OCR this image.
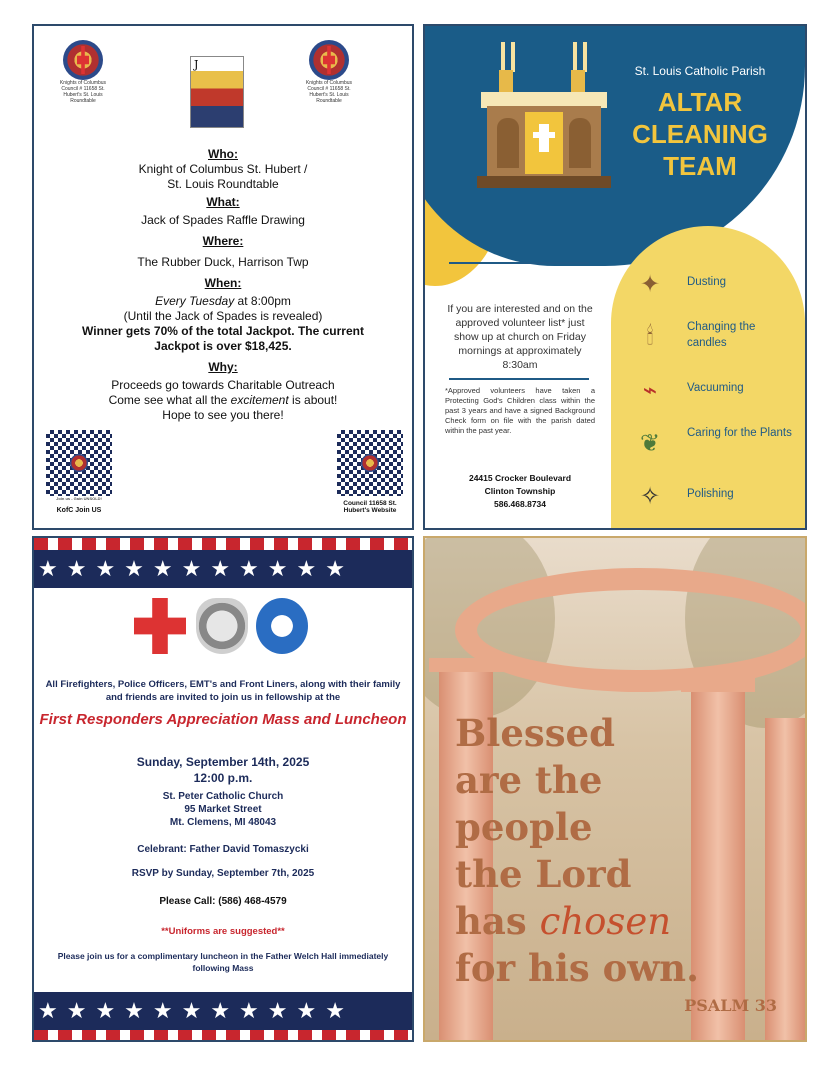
Knights of Columbus
Council # 11658 St. Hubert's St. Louis Roundtable
J
Knights of Columbus
Council # 11658 St. Hubert's St. Louis Roundtable
Who:
Knight of Columbus St. Hubert /
St. Louis Roundtable
What:
Jack of Spades Raffle Drawing
Where:
The Rubber Duck, Harrison Twp
When:
Every Tuesday at 8:00pm
(Until the Jack of Spades is revealed)
Winner gets 70% of the total Jackpot. The current
Jackpot is over $18,425.
Why:
Proceeds go towards Charitable Outreach
Come see what all the excitement is about!
Hope to see you there!
Join us - Gain UNSOLD!
KofC Join US
Council 11658 St. Hubert's Website
St. Louis Catholic Parish
ALTAR
CLEANING
TEAM
✦	Dusting
🕯	Changing the candles
⌁	Vacuuming
❦	Caring for the Plants
✧	Polishing
If you are interested and on the approved volunteer list* just show up at church on Friday mornings at approximately 8:30am
*Approved volunteers have taken a Protecting God's Children class within the past 3 years and have a signed Background Check form on file with the parish dated within the past year.
24415 Crocker Boulevard
Clinton Township
586.468.8734
★★★★★★★★★★★
All Firefighters, Police Officers, EMT's and Front Liners, along with their family and friends are invited to join us in fellowship at the
First Responders Appreciation Mass and Luncheon
Sunday, September 14th, 2025
12:00 p.m.
St. Peter Catholic Church
95 Market Street
Mt. Clemens, MI 48043
Celebrant: Father David Tomaszycki
RSVP by Sunday, September 7th, 2025
Please Call: (586) 468-4579
**Uniforms are suggested**
Please join us for a complimentary luncheon in the Father Welch Hall immediately following Mass
★★★★★★★★★★★
Blessed
are the
people
the Lord
has chosen
for his own.
PSALM 33
